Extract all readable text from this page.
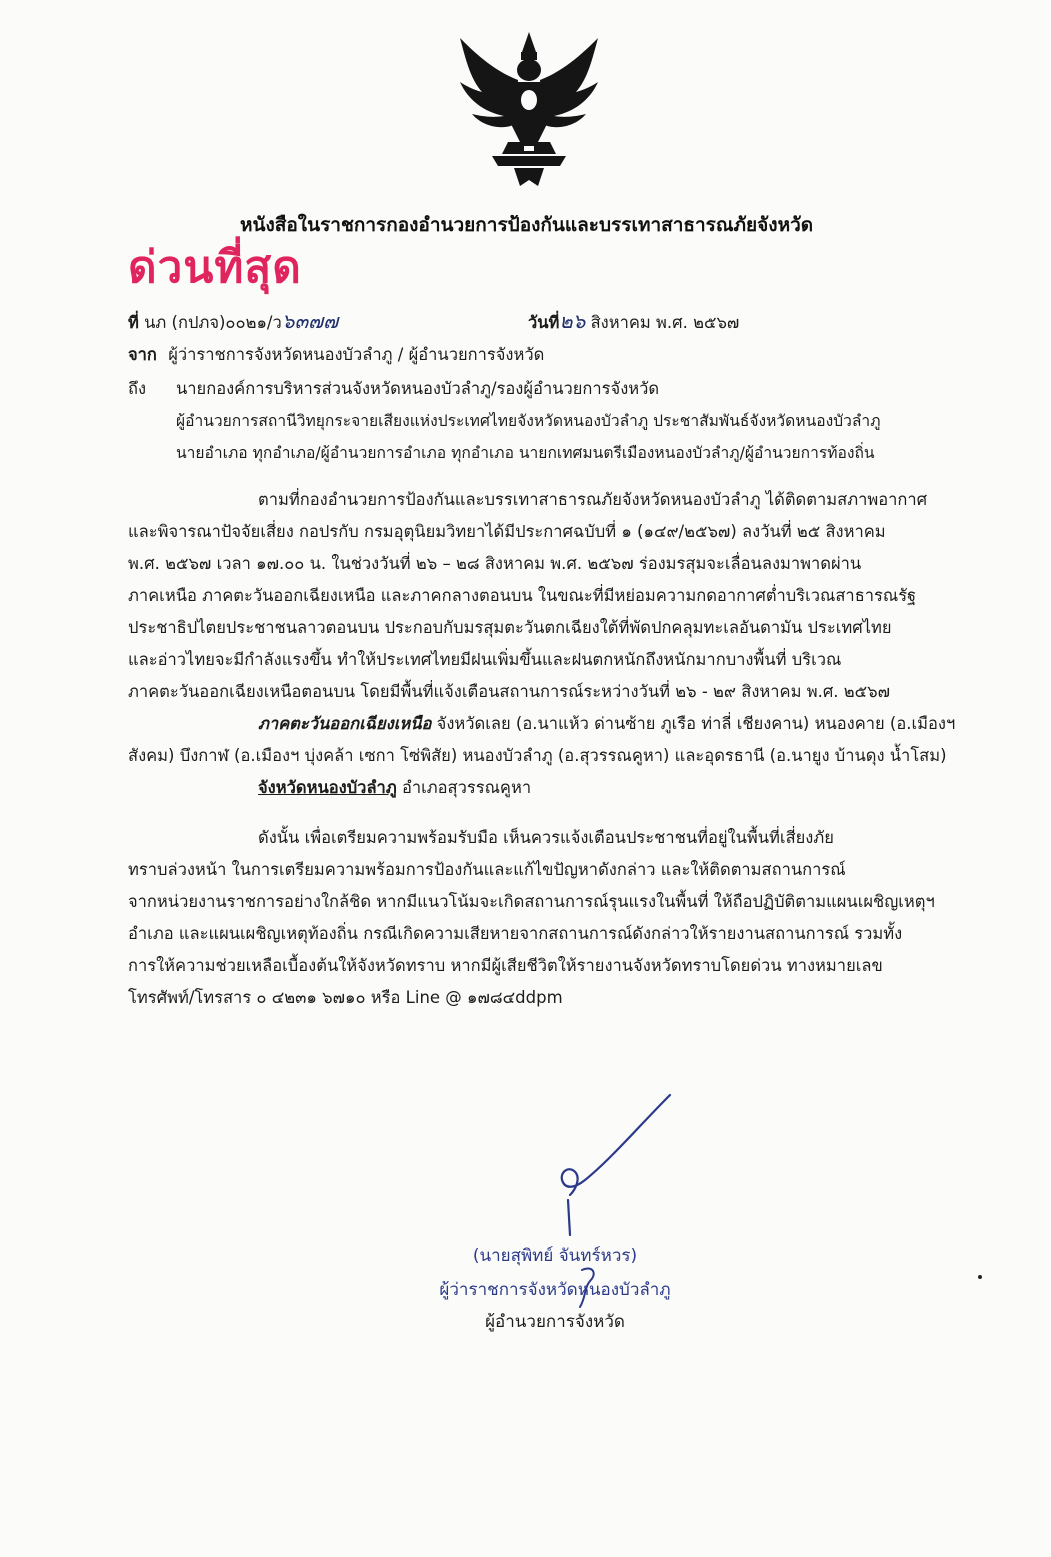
หนังสือในราชการกองอำนวยการป้องกันและบรรเทาสาธารณภัยจังหวัด
ด่วนที่สุด
ที่ นภ (กปภจ)๐๐๒๑/ว๖๓๗๗	วันที่๒๖ สิงหาคม พ.ศ. ๒๕๖๗
จาก ผู้ว่าราชการจังหวัดหนองบัวลำภู / ผู้อำนวยการจังหวัด
ถึง นายกองค์การบริหารส่วนจังหวัดหนองบัวลำภู/รองผู้อำนวยการจังหวัด
ผู้อำนวยการสถานีวิทยุกระจายเสียงแห่งประเทศไทยจังหวัดหนองบัวลำภู ประชาสัมพันธ์จังหวัดหนองบัวลำภู
นายอำเภอ ทุกอำเภอ/ผู้อำนวยการอำเภอ ทุกอำเภอ นายกเทศมนตรีเมืองหนองบัวลำภู/ผู้อำนวยการท้องถิ่น
ตามที่กองอำนวยการป้องกันและบรรเทาสาธารณภัยจังหวัดหนองบัวลำภู ได้ติดตามสภาพอากาศ
และพิจารณาปัจจัยเสี่ยง กอปรกับ กรมอุตุนิยมวิทยาได้มีประกาศฉบับที่ ๑ (๑๔๙/๒๕๖๗) ลงวันที่ ๒๕ สิงหาคม
พ.ศ. ๒๕๖๗ เวลา ๑๗.๐๐ น. ในช่วงวันที่ ๒๖ – ๒๘ สิงหาคม พ.ศ. ๒๕๖๗ ร่องมรสุมจะเลื่อนลงมาพาดผ่าน
ภาคเหนือ ภาคตะวันออกเฉียงเหนือ และภาคกลางตอนบน ในขณะที่มีหย่อมความกดอากาศต่ำบริเวณสาธารณรัฐ
ประชาธิปไตยประชาชนลาวตอนบน ประกอบกับมรสุมตะวันตกเฉียงใต้ที่พัดปกคลุมทะเลอันดามัน ประเทศไทย
และอ่าวไทยจะมีกำลังแรงขึ้น ทำให้ประเทศไทยมีฝนเพิ่มขึ้นและฝนตกหนักถึงหนักมากบางพื้นที่ บริเวณ
ภาคตะวันออกเฉียงเหนือตอนบน โดยมีพื้นที่แจ้งเตือนสถานการณ์ระหว่างวันที่ ๒๖ - ๒๙ สิงหาคม พ.ศ. ๒๕๖๗
ภาคตะวันออกเฉียงเหนือ จังหวัดเลย (อ.นาแห้ว ด่านซ้าย ภูเรือ ท่าลี่ เชียงคาน) หนองคาย (อ.เมืองฯ
สังคม) บึงกาฬ (อ.เมืองฯ บุ่งคล้า เซกา โซ่พิสัย) หนองบัวลำภู (อ.สุวรรณคูหา) และอุดรธานี (อ.นายูง บ้านดุง น้ำโสม)
จังหวัดหนองบัวลำภู อำเภอสุวรรณคูหา
ดังนั้น เพื่อเตรียมความพร้อมรับมือ เห็นควรแจ้งเตือนประชาชนที่อยู่ในพื้นที่เสี่ยงภัย
ทราบล่วงหน้า ในการเตรียมความพร้อมการป้องกันและแก้ไขปัญหาดังกล่าว และให้ติดตามสถานการณ์
จากหน่วยงานราชการอย่างใกล้ชิด หากมีแนวโน้มจะเกิดสถานการณ์รุนแรงในพื้นที่ ให้ถือปฏิบัติตามแผนเผชิญเหตุฯ
อำเภอ และแผนเผชิญเหตุท้องถิ่น กรณีเกิดความเสียหายจากสถานการณ์ดังกล่าวให้รายงานสถานการณ์ รวมทั้ง
การให้ความช่วยเหลือเบื้องต้นให้จังหวัดทราบ หากมีผู้เสียชีวิตให้รายงานจังหวัดทราบโดยด่วน ทางหมายเลข
โทรศัพท์/โทรสาร ๐ ๔๒๓๑ ๖๗๑๐ หรือ Line @ ๑๗๘๔ddpm
(นายสุพิทย์ จันทร์หวร)
ผู้ว่าราชการจังหวัดหนองบัวลำภู
ผู้อำนวยการจังหวัด
